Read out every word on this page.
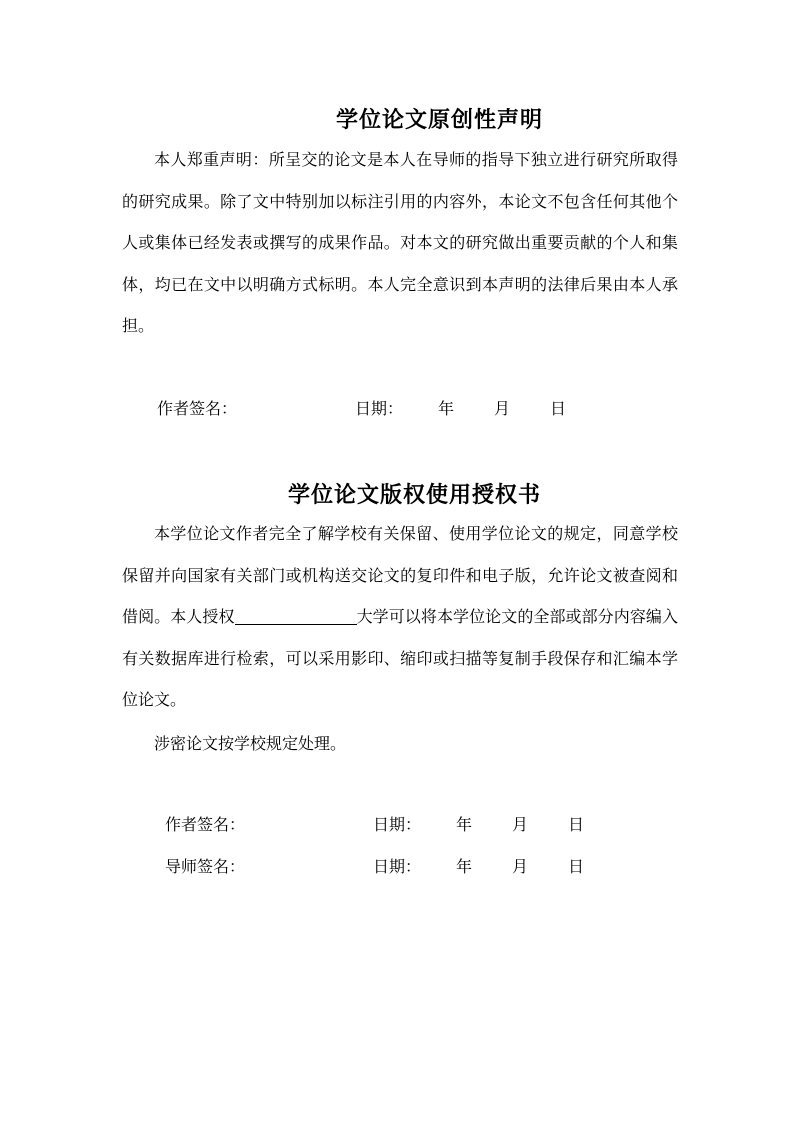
学位论文原创性声明

本人郑重声明：所呈交的论文是本人在导师的指导下独立进行研究所取得的研究成果。除了文中特别加以标注引用的内容外，本论文不包含任何其他个人或集体已经发表或撰写的成果作品。对本文的研究做出重要贡献的个人和集体，均已在文中以明确方式标明。本人完全意识到本声明的法律后果由本人承担。

作者签名：	日期： 年 月 日
学位论文版权使用授权书

本学位论文作者完全了解学校有关保留、使用学位论文的规定，同意学校保留并向国家有关部门或机构送交论文的复印件和电子版，允许论文被查阅和借阅。本人授权	大学可以将本学位论文的全部或部分内容编入有关数据库进行检索，可以采用影印、缩印或扫描等复制手段保存和汇编本学位论文。

涉密论文按学校规定处理。

作者签名：	日期： 年 月 日
导师签名：	日期： 年 月 日
